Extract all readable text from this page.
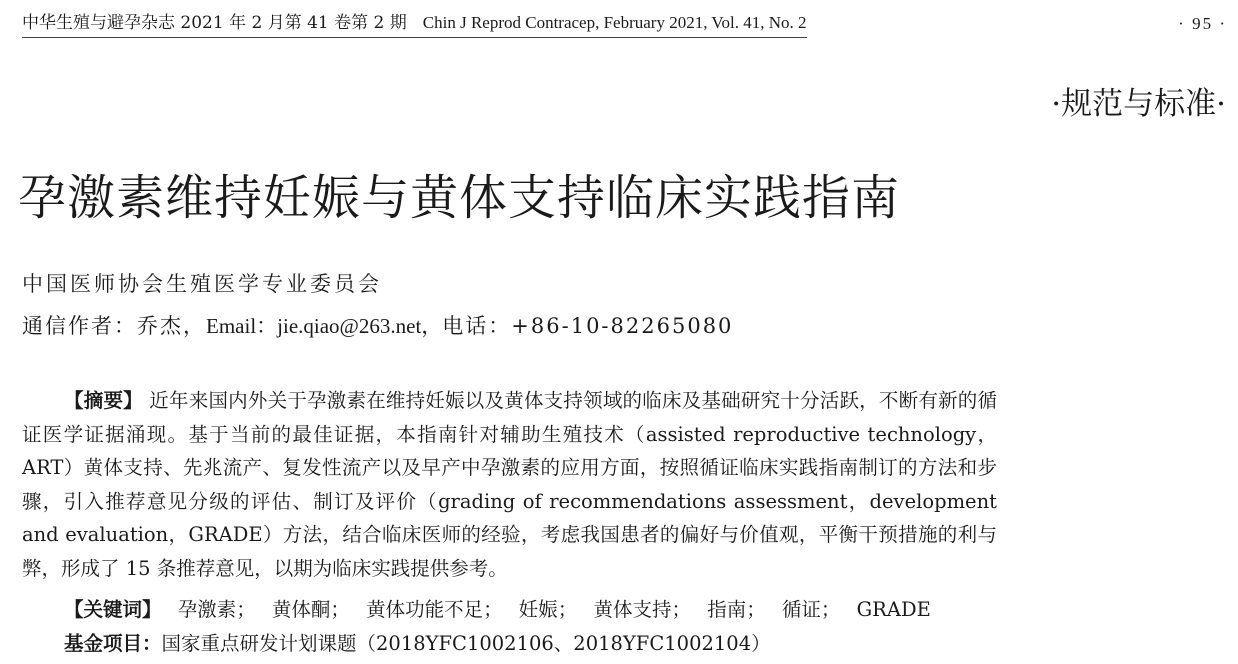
中华生殖与避孕杂志 2021 年 2 月第 41 卷第 2 期 Chin J Reprod Contracep, February 2021, Vol. 41, No. 2	· 95 ·
·规范与标准·
孕激素维持妊娠与黄体支持临床实践指南
中国医师协会生殖医学专业委员会
通信作者：乔杰，Email：jie.qiao@263.net，电话：+86-10-82265080

【摘要】 近年来国内外关于孕激素在维持妊娠以及黄体支持领域的临床及基础研究十分活跃，不断有新的循证医学证据涌现。基于当前的最佳证据，本指南针对辅助生殖技术（assisted reproductive technology，ART）黄体支持、先兆流产、复发性流产以及早产中孕激素的应用方面，按照循证临床实践指南制订的方法和步骤，引入推荐意见分级的评估、制订及评价（grading of recommendations assessment，development and evaluation，GRADE）方法，结合临床医师的经验，考虑我国患者的偏好与价值观，平衡干预措施的利与弊，形成了 15 条推荐意见，以期为临床实践提供参考。

【关键词】 孕激素； 黄体酮； 黄体功能不足； 妊娠； 黄体支持； 指南； 循证； GRADE
基金项目：国家重点研发计划课题（2018YFC1002106、2018YFC1002104）
